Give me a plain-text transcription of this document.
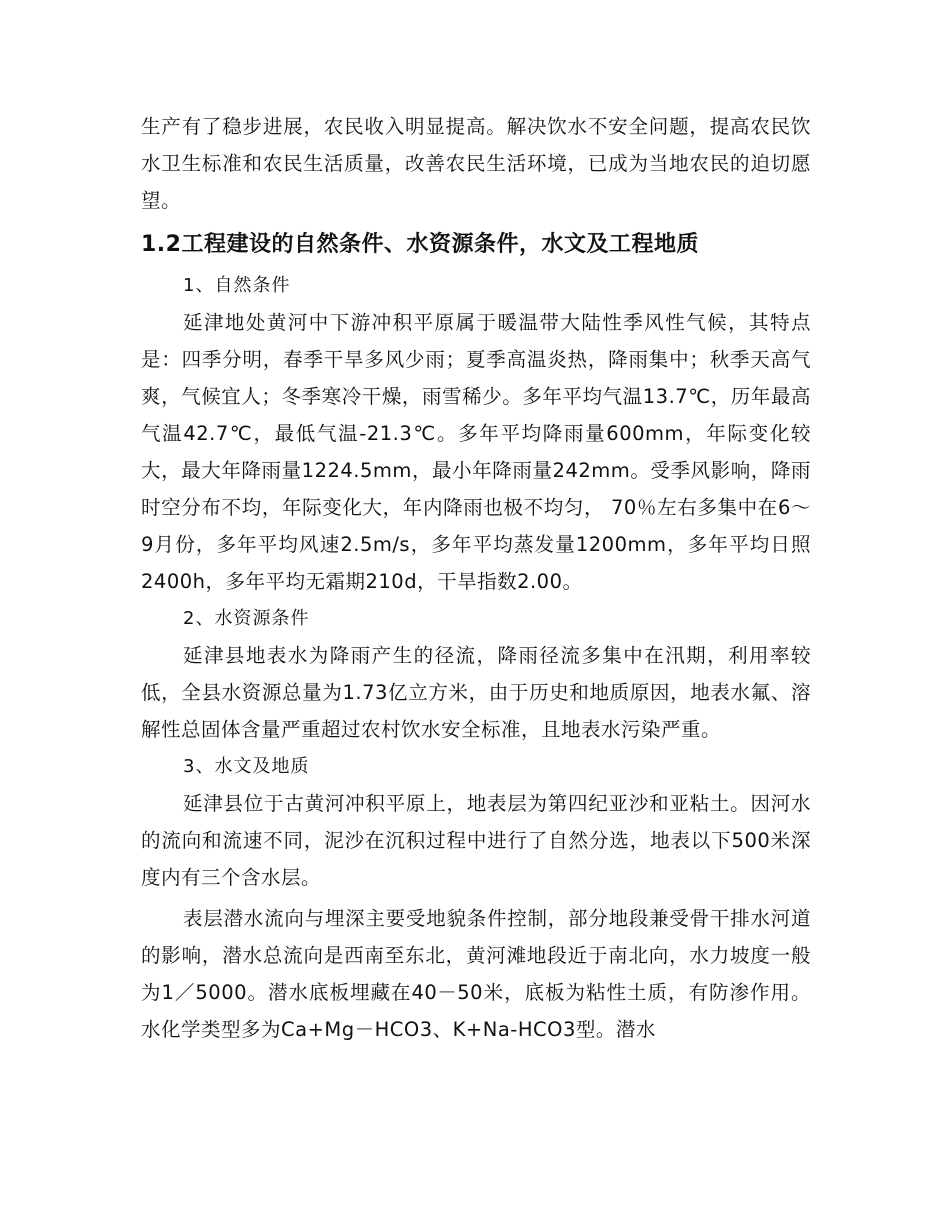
生产有了稳步进展，农民收入明显提高。解决饮水不安全问题，提高农民饮水卫生标准和农民生活质量，改善农民生活环境，已成为当地农民的迫切愿望。

1.2工程建设的自然条件、水资源条件，水文及工程地质

1、自然条件

延津地处黄河中下游冲积平原属于暖温带大陆性季风性气候，其特点是：四季分明，春季干旱多风少雨；夏季高温炎热，降雨集中；秋季天高气爽，气候宜人；冬季寒冷干燥，雨雪稀少。多年平均气温13.7℃，历年最高气温42.7℃，最低气温-21.3℃。多年平均降雨量600mm，年际变化较大，最大年降雨量1224.5mm，最小年降雨量242mm。受季风影响，降雨时空分布不均，年际变化大，年内降雨也极不均匀， 70％左右多集中在6～9月份，多年平均风速2.5m/s，多年平均蒸发量1200mm，多年平均日照2400h，多年平均无霜期210d，干旱指数2.00。

2、水资源条件

延津县地表水为降雨产生的径流，降雨径流多集中在汛期，利用率较低，全县水资源总量为1.73亿立方米，由于历史和地质原因，地表水氟、溶解性总固体含量严重超过农村饮水安全标准，且地表水污染严重。

3、水文及地质

延津县位于古黄河冲积平原上，地表层为第四纪亚沙和亚粘土。因河水的流向和流速不同，泥沙在沉积过程中进行了自然分选，地表以下500米深度内有三个含水层。

表层潜水流向与埋深主要受地貌条件控制，部分地段兼受骨干排水河道的影响，潜水总流向是西南至东北，黄河滩地段近于南北向，水力坡度一般为1／5000。潜水底板埋藏在40－50米，底板为粘性土质，有防渗作用。水化学类型多为Ca+Mg－HCO3、K+Na-HCO3型。潜水
